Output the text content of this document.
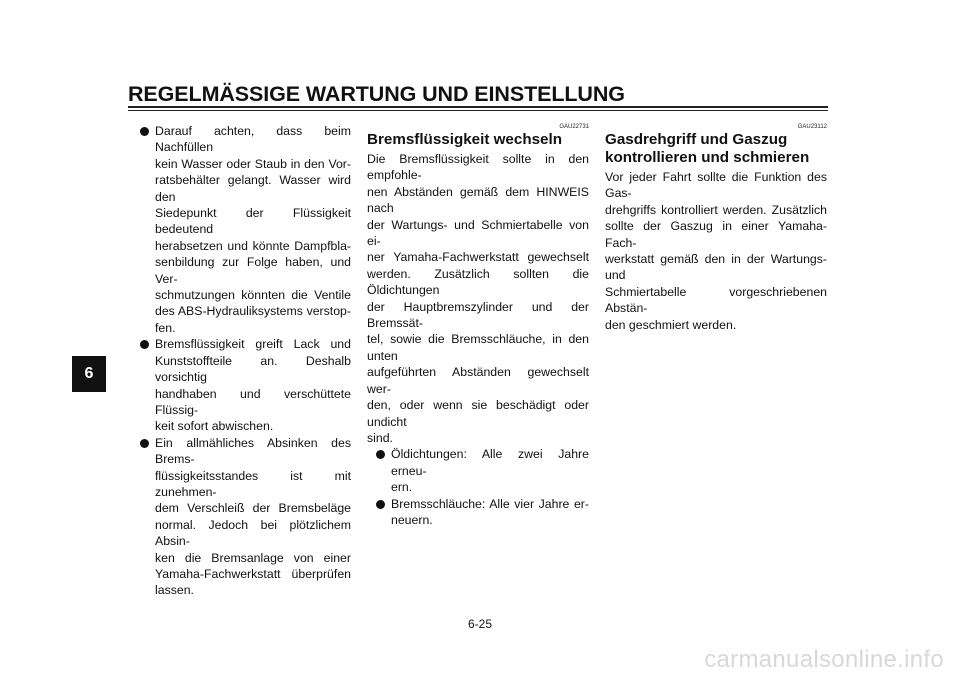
REGELMÄSSIGE WARTUNG UND EINSTELLUNG
6
Darauf achten, dass beim Nachfüllen
kein Wasser oder Staub in den Vor-
ratsbehälter gelangt. Wasser wird den
Siedepunkt der Flüssigkeit bedeutend
herabsetzen und könnte Dampfbla-
senbildung zur Folge haben, und Ver-
schmutzungen könnten die Ventile
des ABS-Hydrauliksystems verstop-
fen.
Bremsflüssigkeit greift Lack und
Kunststoffteile an. Deshalb vorsichtig
handhaben und verschüttete Flüssig-
keit sofort abwischen.
Ein allmähliches Absinken des Brems-
flüssigkeitsstandes ist mit zunehmen-
dem Verschleiß der Bremsbeläge
normal. Jedoch bei plötzlichem Absin-
ken die Bremsanlage von einer
Yamaha-Fachwerkstatt überprüfen
lassen.
GAU22731
Bremsflüssigkeit wechseln
Die Bremsflüssigkeit sollte in den empfohle-
nen Abständen gemäß dem HINWEIS nach
der Wartungs- und Schmiertabelle von ei-
ner Yamaha-Fachwerkstatt gewechselt
werden. Zusätzlich sollten die Öldichtungen
der Hauptbremszylinder und der Bremssät-
tel, sowie die Bremsschläuche, in den unten
aufgeführten Abständen gewechselt wer-
den, oder wenn sie beschädigt oder undicht
sind.
Öldichtungen: Alle zwei Jahre erneu-
ern.
Bremsschläuche: Alle vier Jahre er-
neuern.
GAU23112
Gasdrehgriff und Gaszug
kontrollieren und schmieren
Vor jeder Fahrt sollte die Funktion des Gas-
drehgriffs kontrolliert werden. Zusätzlich
sollte der Gaszug in einer Yamaha-Fach-
werkstatt gemäß den in der Wartungs- und
Schmiertabelle vorgeschriebenen Abstän-
den geschmiert werden.
6-25
carmanualsonline.info
